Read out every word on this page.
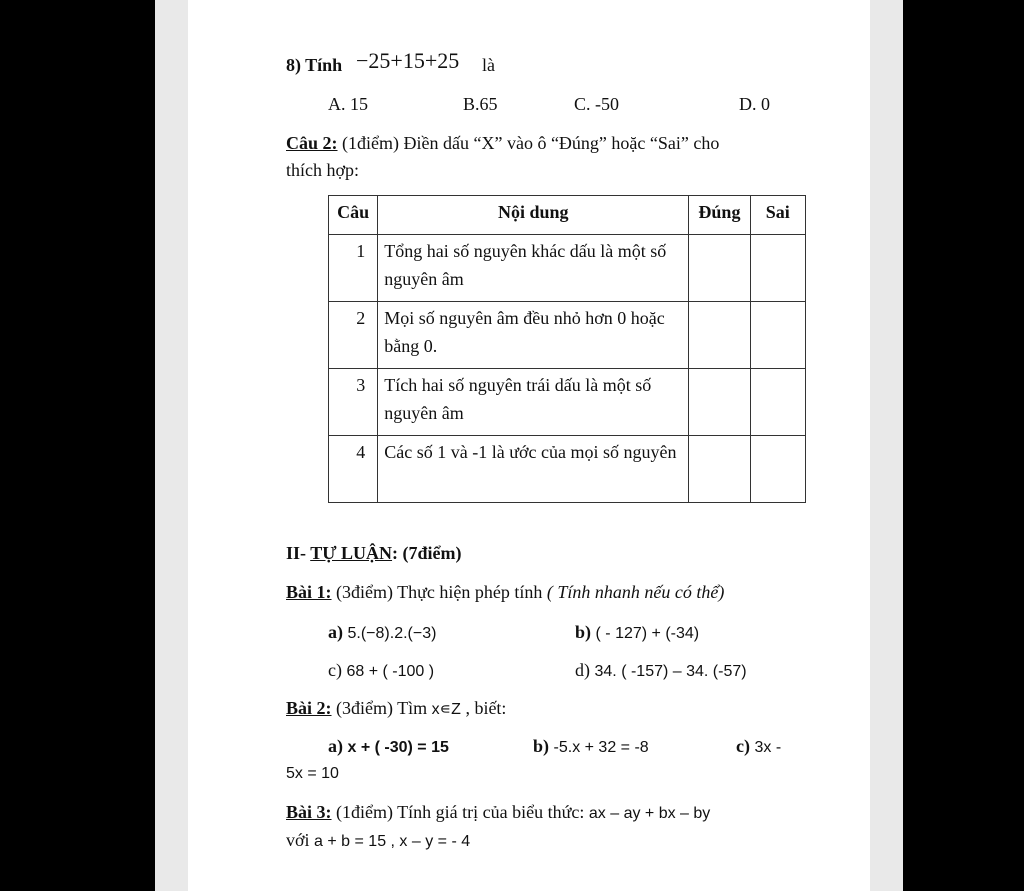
8) Tính −25+15+25 là
A. 15	B.65	C. -50	D. 0
Câu 2: (1điểm) Điền dấu “X” vào ô “Đúng” hoặc “Sai” cho
thích hợp:
Câu	Nội dung	Đúng	Sai
1	Tổng hai số nguyên khác dấu là một số nguyên âm		
2	Mọi số nguyên âm đều nhỏ hơn 0 hoặc bằng 0.		
3	Tích hai số nguyên trái dấu là một số nguyên âm		
4	Các số 1 và -1 là ước của mọi số nguyên		
II- TỰ LUẬN: (7điểm)
Bài 1: (3điểm) Thực hiện phép tính ( Tính nhanh nếu có thể)
a) 5.(−8).2.(−3)	b) ( - 127) + (-34)
c) 68 + ( -100 )	d) 34. ( -157) – 34. (-57)
Bài 2: (3điểm) Tìm x∊Z , biết:
a) x + ( -30) = 15	b) -5.x + 32 = -8	c) 3x -
5x = 10
Bài 3: (1điểm) Tính giá trị của biểu thức: ax – ay + bx – by
với a + b = 15 , x – y = - 4
